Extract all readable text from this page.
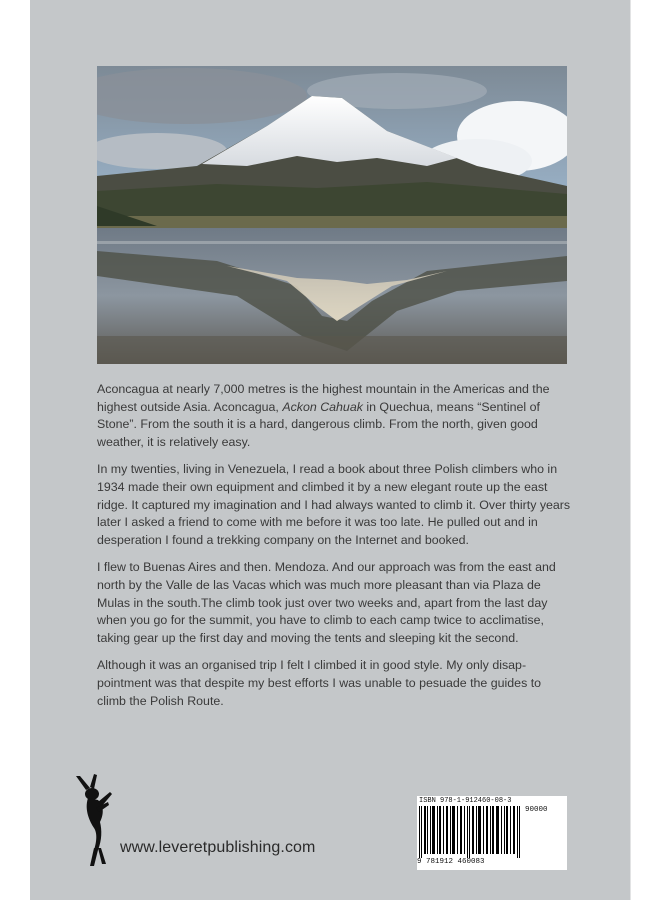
Aconcagua at nearly 7,000 metres is the highest mountain in the Americas and the highest outside Asia. Aconcagua, Ackon Cahuak in Quechua, means “Sentinel of Stone”. From the south it is a hard, dangerous climb. From the north, given good weather, it is relatively easy.

In my twenties, living in Venezuela, I read a book about three Polish climbers who in 1934 made their own equipment and climbed it by a new elegant route up the east ridge. It captured my imagination and I had always wanted to climb it. Over thirty years later I asked a friend to come with me before it was too late. He pulled out and in desperation I found a trekking company on the Internet and booked.

I flew to Buenas Aires and then. Mendoza. And our approach was from the east and north by the Valle de las Vacas which was much more pleasant than via Plaza de Mulas in the south.The climb took just over two weeks and, apart from the last day when you go for the summit, you have to climb to each camp twice to acclimatise, taking gear up the first day and moving the tents and sleeping kit the second.

Although it was an organised trip I felt I climbed it in good style. My only disap-pointment was that despite my best efforts I was unable to pesuade the guides to climb the Polish Route.

www.leveretpublishing.com
ISBN 978-1-912460-08-3
90000
9 781912 460083
